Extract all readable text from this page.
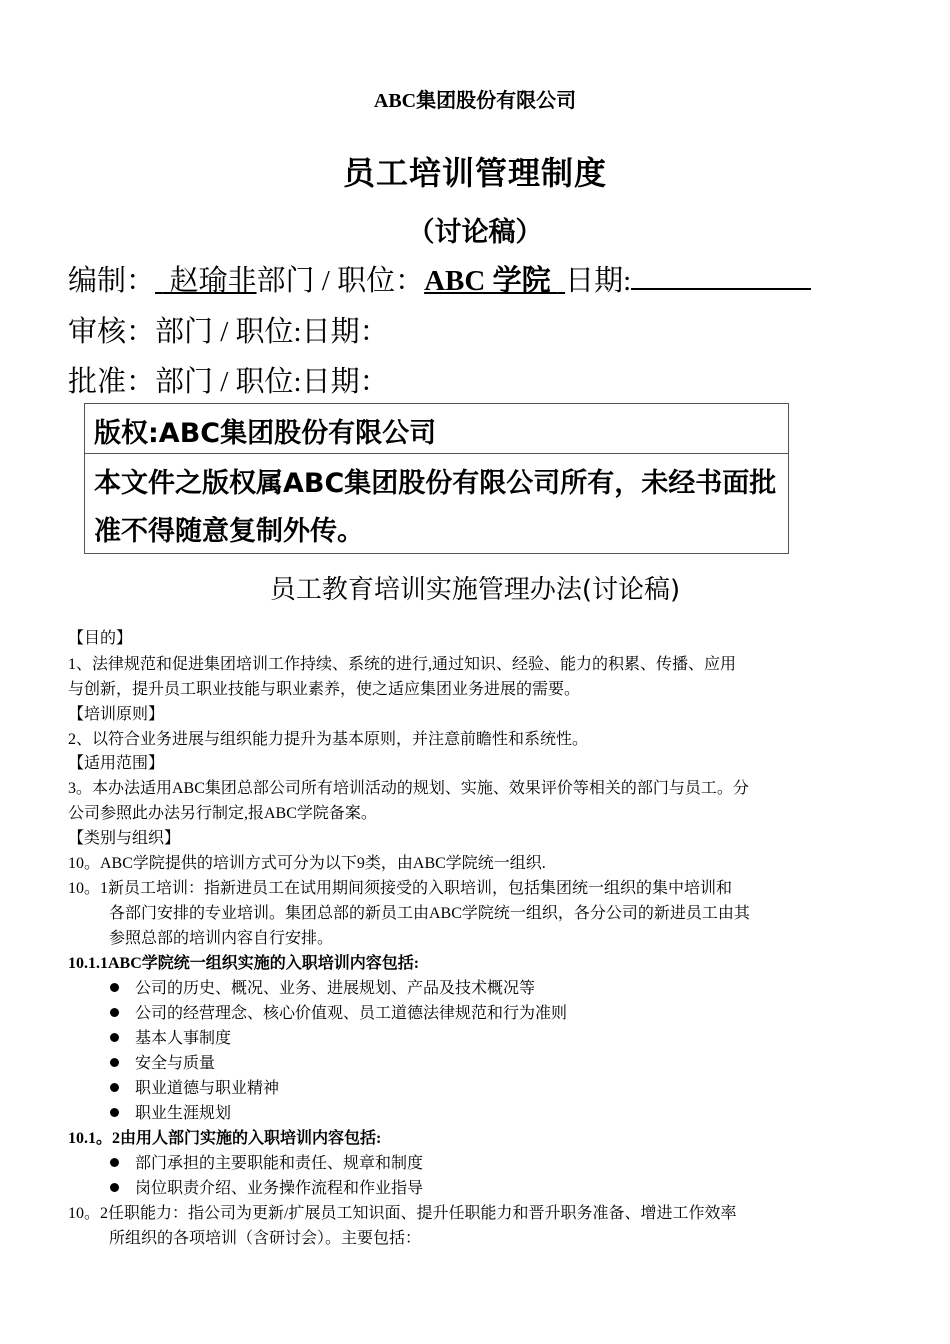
ABC集团股份有限公司
员工培训管理制度
（讨论稿）
编制：  赵瑜非部门 / 职位：ABC 学院  日期:
审核：部门 / 职位:日期：
批准：部门 / 职位:日期：
版权:ABC集团股份有限公司
本文件之版权属ABC集团股份有限公司所有，未经书面批准不得随意复制外传。
员工教育培训实施管理办法(讨论稿)
【目的】
1、法律规范和促进集团培训工作持续、系统的进行,通过知识、经验、能力的积累、传播、应用
与创新，提升员工职业技能与职业素养，使之适应集团业务进展的需要。
【培训原则】
2、以符合业务进展与组织能力提升为基本原则，并注意前瞻性和系统性。
【适用范围】
3。本办法适用ABC集团总部公司所有培训活动的规划、实施、效果评价等相关的部门与员工。分
公司参照此办法另行制定,报ABC学院备案。
【类别与组织】
10。ABC学院提供的培训方式可分为以下9类，由ABC学院统一组织.
10。1新员工培训：指新进员工在试用期间须接受的入职培训，包括集团统一组织的集中培训和
各部门安排的专业培训。集团总部的新员工由ABC学院统一组织，各分公司的新进员工由其
参照总部的培训内容自行安排。
10.1.1ABC学院统一组织实施的入职培训内容包括:
公司的历史、概况、业务、进展规划、产品及技术概况等
公司的经营理念、核心价值观、员工道德法律规范和行为准则
基本人事制度
安全与质量
职业道德与职业精神
职业生涯规划
10.1。2由用人部门实施的入职培训内容包括:
部门承担的主要职能和责任、规章和制度
岗位职责介绍、业务操作流程和作业指导
10。2任职能力：指公司为更新/扩展员工知识面、提升任职能力和晋升职务准备、增进工作效率
所组织的各项培训（含研讨会）。主要包括：
